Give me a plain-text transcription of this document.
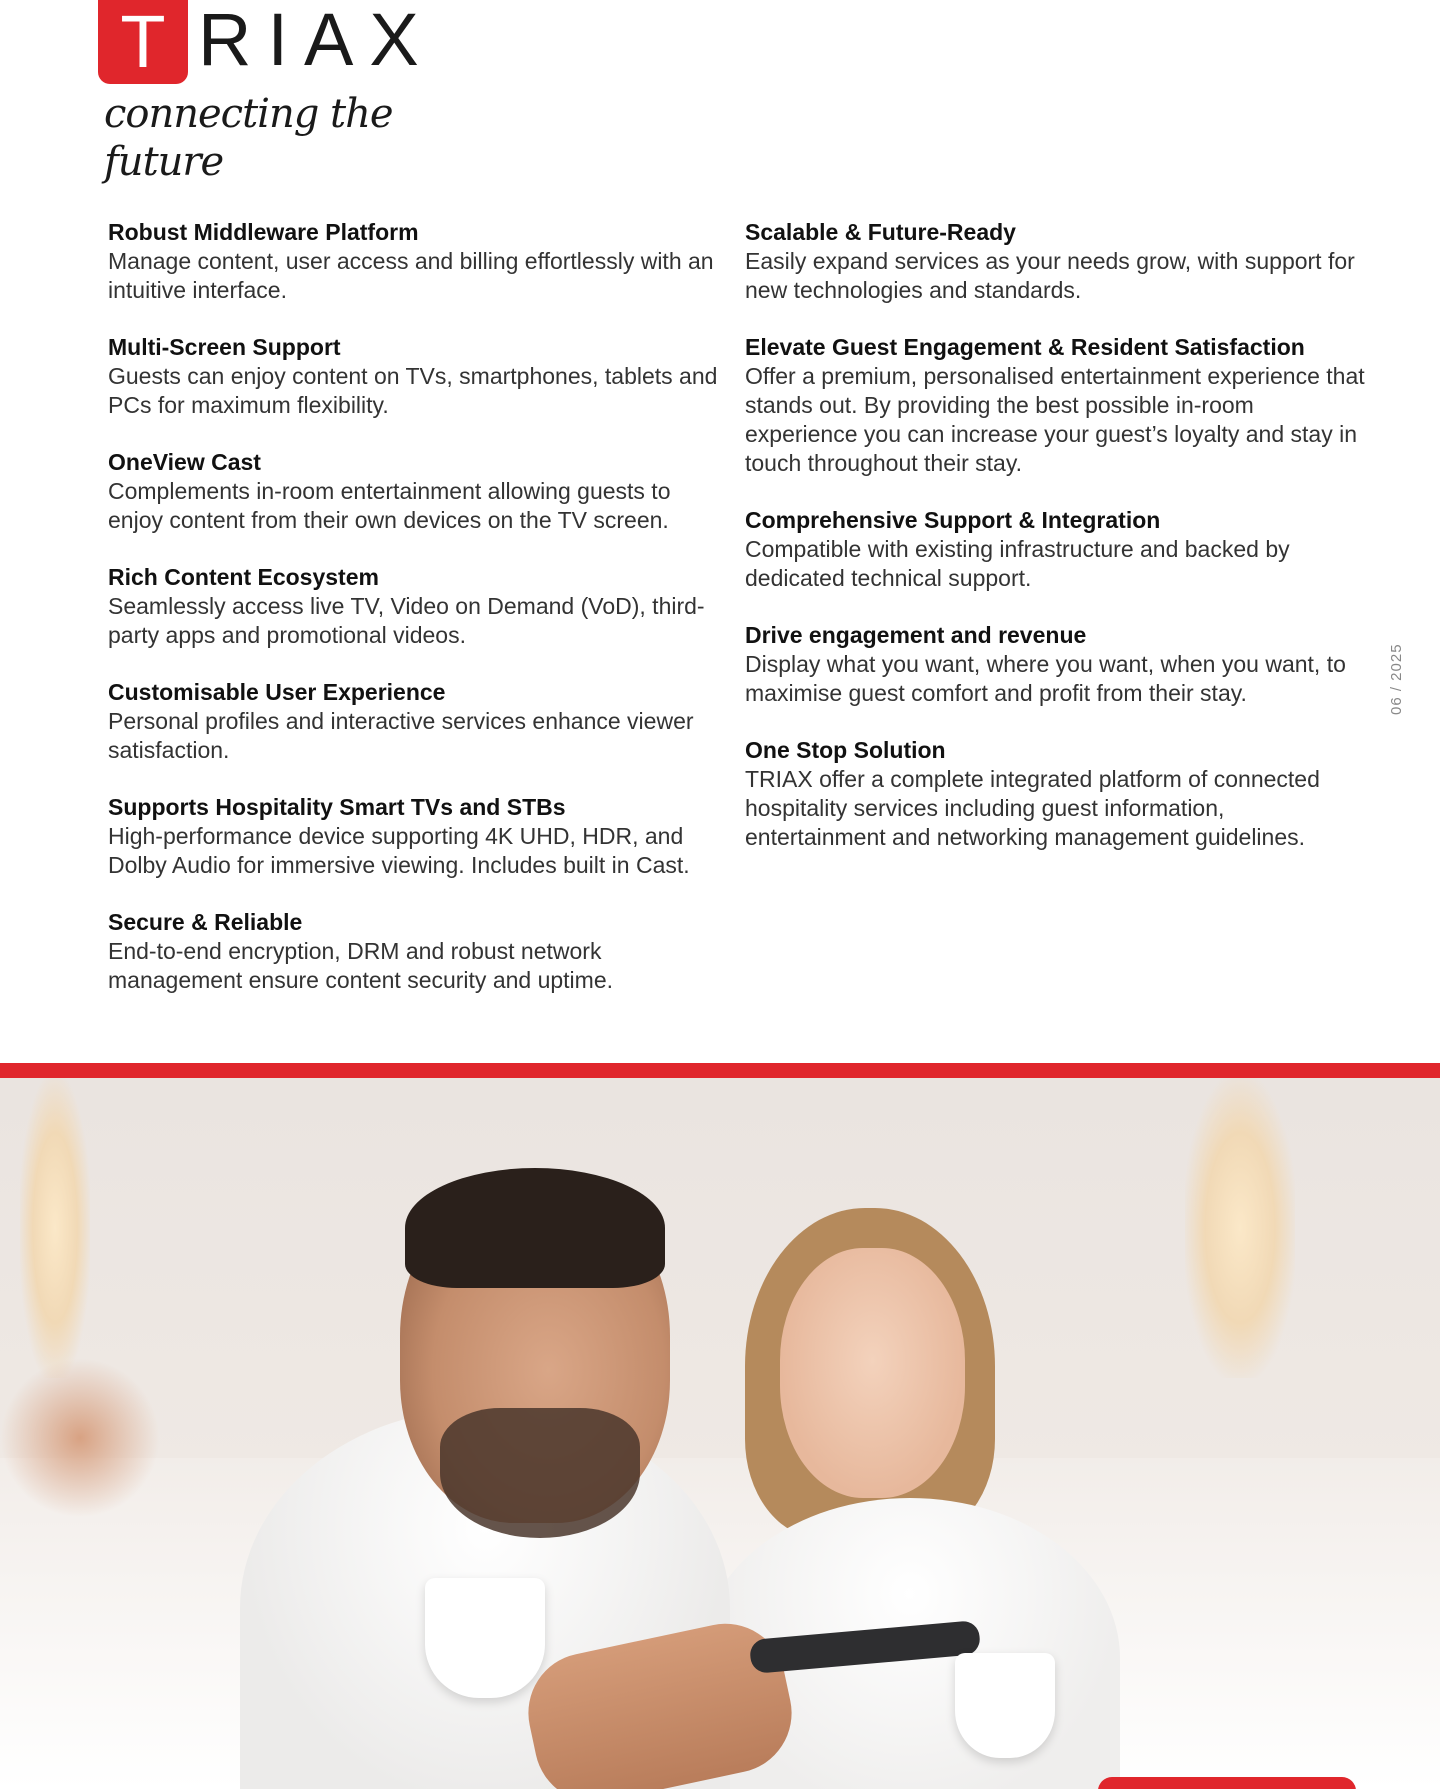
T RIAX
connecting the future
Robust Middleware Platform

Manage content, user access and billing effortlessly with an intuitive interface.

Multi-Screen Support

Guests can enjoy content on TVs, smartphones, tablets and PCs for maximum flexibility.

OneView Cast

Complements in-room entertainment allowing guests to enjoy content from their own devices on the TV screen.

Rich Content Ecosystem

Seamlessly access live TV, Video on Demand (VoD), third-party apps and promotional videos.

Customisable User Experience

Personal profiles and interactive services enhance viewer satisfaction.

Supports Hospitality Smart TVs and STBs

High-performance device supporting 4K UHD, HDR, and Dolby Audio for immersive viewing. Includes built in Cast.

Secure & Reliable

End-to-end encryption, DRM and robust network management ensure content security and uptime.

Scalable & Future-Ready

Easily expand services as your needs grow, with support for new technologies and standards.

Elevate Guest Engagement & Resident Satisfaction

Offer a premium, personalised entertainment experience that stands out. By providing the best possible in-room experience you can increase your guest’s loyalty and stay in touch throughout their stay.

Comprehensive Support & Integration

Compatible with existing infrastructure and backed by dedicated technical support.

Drive engagement and revenue

Display what you want, where you want, when you want, to maximise guest comfort and profit from their stay.

One Stop Solution

TRIAX offer a complete integrated platform of connected hospitality services including guest information, entertainment and networking management guidelines.

06 / 2025
